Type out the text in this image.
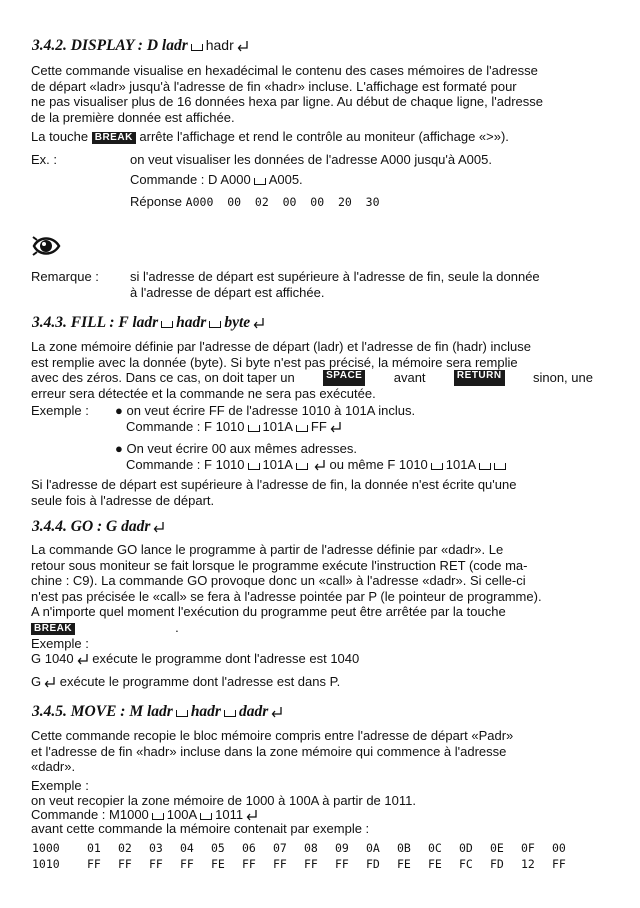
3.4.2. DISPLAY : D ladr hadr
Cette commande visualise en hexadécimal le contenu des cases mémoires de l'adresse
de départ «ladr» jusqu'à l'adresse de fin «hadr» incluse. L'affichage est formaté pour
ne pas visualiser plus de 16 données hexa par ligne. Au début de chaque ligne, l'adresse
de la première donnée est affichée.
La touche BREAK arrête l'affichage et rend le contrôle au moniteur (affichage «>»).
Ex. :	on veut visualiser les données de l'adresse A000 jusqu'à A005.
Commande : D A000 A005.
Réponse A000  00  02  00  00  20  30
Remarque : si l'adresse de départ est supérieure à l'adresse de fin, seule la donnée
à l'adresse de départ est affichée.
3.4.3. FILL : F ladr hadr byte
La zone mémoire définie par l'adresse de départ (ladr) et l'adresse de fin (hadr) incluse
est remplie avec la donnée (byte). Si byte n'est pas précisé, la mémoire sera remplie
avec des zéros. Dans ce cas, on doit taper un	SPACE avant	RETURN sinon, une
erreur sera détectée et la commande ne sera pas exécutée.
Exemple : ● on veut écrire FF de l'adresse 1010 à 101A inclus.
Commande : F 1010 101A FF
● On veut écrire 00 aux mêmes adresses.
Commande : F 1010 101A	ou même F 1010 101A
Si l'adresse de départ est supérieure à l'adresse de fin, la donnée n'est écrite qu'une
seule fois à l'adresse de départ.
3.4.4. GO : G dadr
La commande GO lance le programme à partir de l'adresse définie par «dadr». Le
retour sous moniteur se fait lorsque le programme exécute l'instruction RET (code ma-
chine : C9). La commande GO provoque donc un «call» à l'adresse «dadr». Si celle-ci
n'est pas précisée le «call» se fera à l'adresse pointée par P (le pointeur de programme).
A n'importe quel moment l'exécution du programme peut être arrêtée par la touche
BREAK	.
Exemple :
G 1040 exécute le programme dont l'adresse est 1040
G exécute le programme dont l'adresse est dans P.
3.4.5. MOVE : M ladr hadr dadr
Cette commande recopie le bloc mémoire compris entre l'adresse de départ «Padr»
et l'adresse de fin «hadr» incluse dans la zone mémoire qui commence à l'adresse
«dadr».
Exemple :
on veut recopier la zone mémoire de 1000 à 100A à partir de 1011.
Commande : M1000 100A 1011
avant cette commande la mémoire contenait par exemple :
1000	01	02	03	04	05	06	07	08	09	0A	0B	0C	0D	0E	0F	00
1010	FF	FF	FF	FF	FE	FF	FF	FF	FF	FD	FE	FE	FC	FD	12	FF
